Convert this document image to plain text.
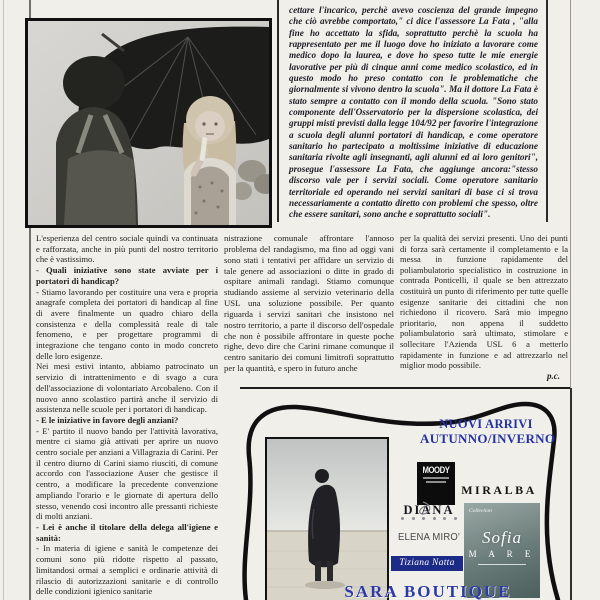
cettare l'incarico, perchè avevo coscienza del grande impegno che ciò avrebbe comportato," ci dice l'assessore La Fata , "alla fine ho accettato la sfida, soprattutto perchè la scuola ha rappresentato per me il luogo dove ho iniziato a lavorare come medico dopo la laurea, e dove ho speso tutte le mie energie lavorative per più di cinque anni come medico scolastico, ed in questo modo ho preso contatto con le problematiche che giornalmente si vivono dentro la scuola". Ma il dottore La Fata è stato sempre a contatto con il mondo della scuola. "Sono stato componente dell'Osservatorio per la dispersione scolastica, dei gruppi misti previsti dalla legge 104/92 per favorire l'integrazione a scuola degli alunni portatori di handicap, e come operatore sanitario ho partecipato a moltissime iniziative di educazione sanitaria rivolte agli insegnanti, agli alunni ed ai loro genitori", prosegue l'assessore La Fata, che aggiunge ancora:"stesso discorso vale per i servizi sociali. Come operatore sanitario territoriale ed operando nei servizi sanitari di base ci si trova necessariamente a contatto diretto con problemi che spesso, oltre che essere sanitari, sono anche e soprattutto sociali".

L'esperienza del centro sociale quindi va continuata e rafforzata, anche in più punti del nostro territorio che è vastissimo.

- Quali iniziative sono state avviate per i portatori di handicap?

- Stiamo lavorando per costituire una vera e propria anagrafe completa dei portatori di handicap al fine di avere finalmente un quadro chiaro della consistenza e della complessità reale di tale fenomeno, e per progettare programmi di integrazione che tengano conto in modo concreto delle loro esigenze.

Nei mesi estivi intanto, abbiamo patrocinato un servizio di intrattenimento e di svago a cura dell'associazione di volontariato Arcobaleno. Con il nuovo anno scolastico partirà anche il servizio di assistenza nelle scuole per i portatori di handicap.

- E le iniziative in favore degli anziani?

- E' partito il nuovo bando per l'attività lavorativa, mentre ci siamo già attivati per aprire un nuovo centro sociale per anziani a Villagrazia di Carini. Per il centro diurno di Carini siamo riusciti, di comune accordo con l'associazione Auser che gestisce il centro, a modificare la precedente convenzione ampliando l'orario e le giornate di apertura dello stesso, venendo così incontro alle pressanti richieste di molti anziani.

- Lei è anche il titolare della delega all'igiene e sanità:

- In materia di igiene e sanità le competenze dei comuni sono più ridotte rispetto al passato, limitandosi ormai a semplici e ordinarie attività di rilascio di autorizzazioni sanitarie e di controllo delle condizioni igienico sanitarie

nistrazione comunale affrontare l'annoso problema del randagismo, ma fino ad oggi vani sono stati i tentativi per affidare un servizio di tale genere ad associazioni o ditte in grado di ospitare animali randagi. Stiamo comunque studiando assieme al servizio veterinario della USL una soluzione possibile. Per quanto riguarda i servizi sanitari che insistono nel nostro territorio, a parte il discorso dell'ospedale che non è possibile affrontare in queste poche righe, devo dire che Carini rimane comunque il centro sanitario dei comuni limitrofi soprattutto per la quantità, e spero in futuro anche

per la qualità dei servizi presenti. Uno dei punti di forza sarà certamente il completamento e la messa in funzione rapidamente del poliambulatorio specialistico in costruzione in contrada Ponticelli, il quale se ben attrezzato costituirà un punto di riferimento per tutte quelle esigenze sanitarie dei cittadini che non richiedono il ricovero. Sarà mio impegno prioritario, non appena il suddetto poliambulatorio sarà ultimato, stimolare e sollecitare l'Azienda USL 6 a metterlo rapidamente in funzione e ad attrezzarlo nel miglior modo possibile.

p.c.

NUOVI ARRIVI
AUTUNNO/INVERNO
MOODY
MIRALBA
DIANA
ELENA MIRO'
Tiziana Natta
Collection
Sofia
M A R E
SARA BOUTIQUE
